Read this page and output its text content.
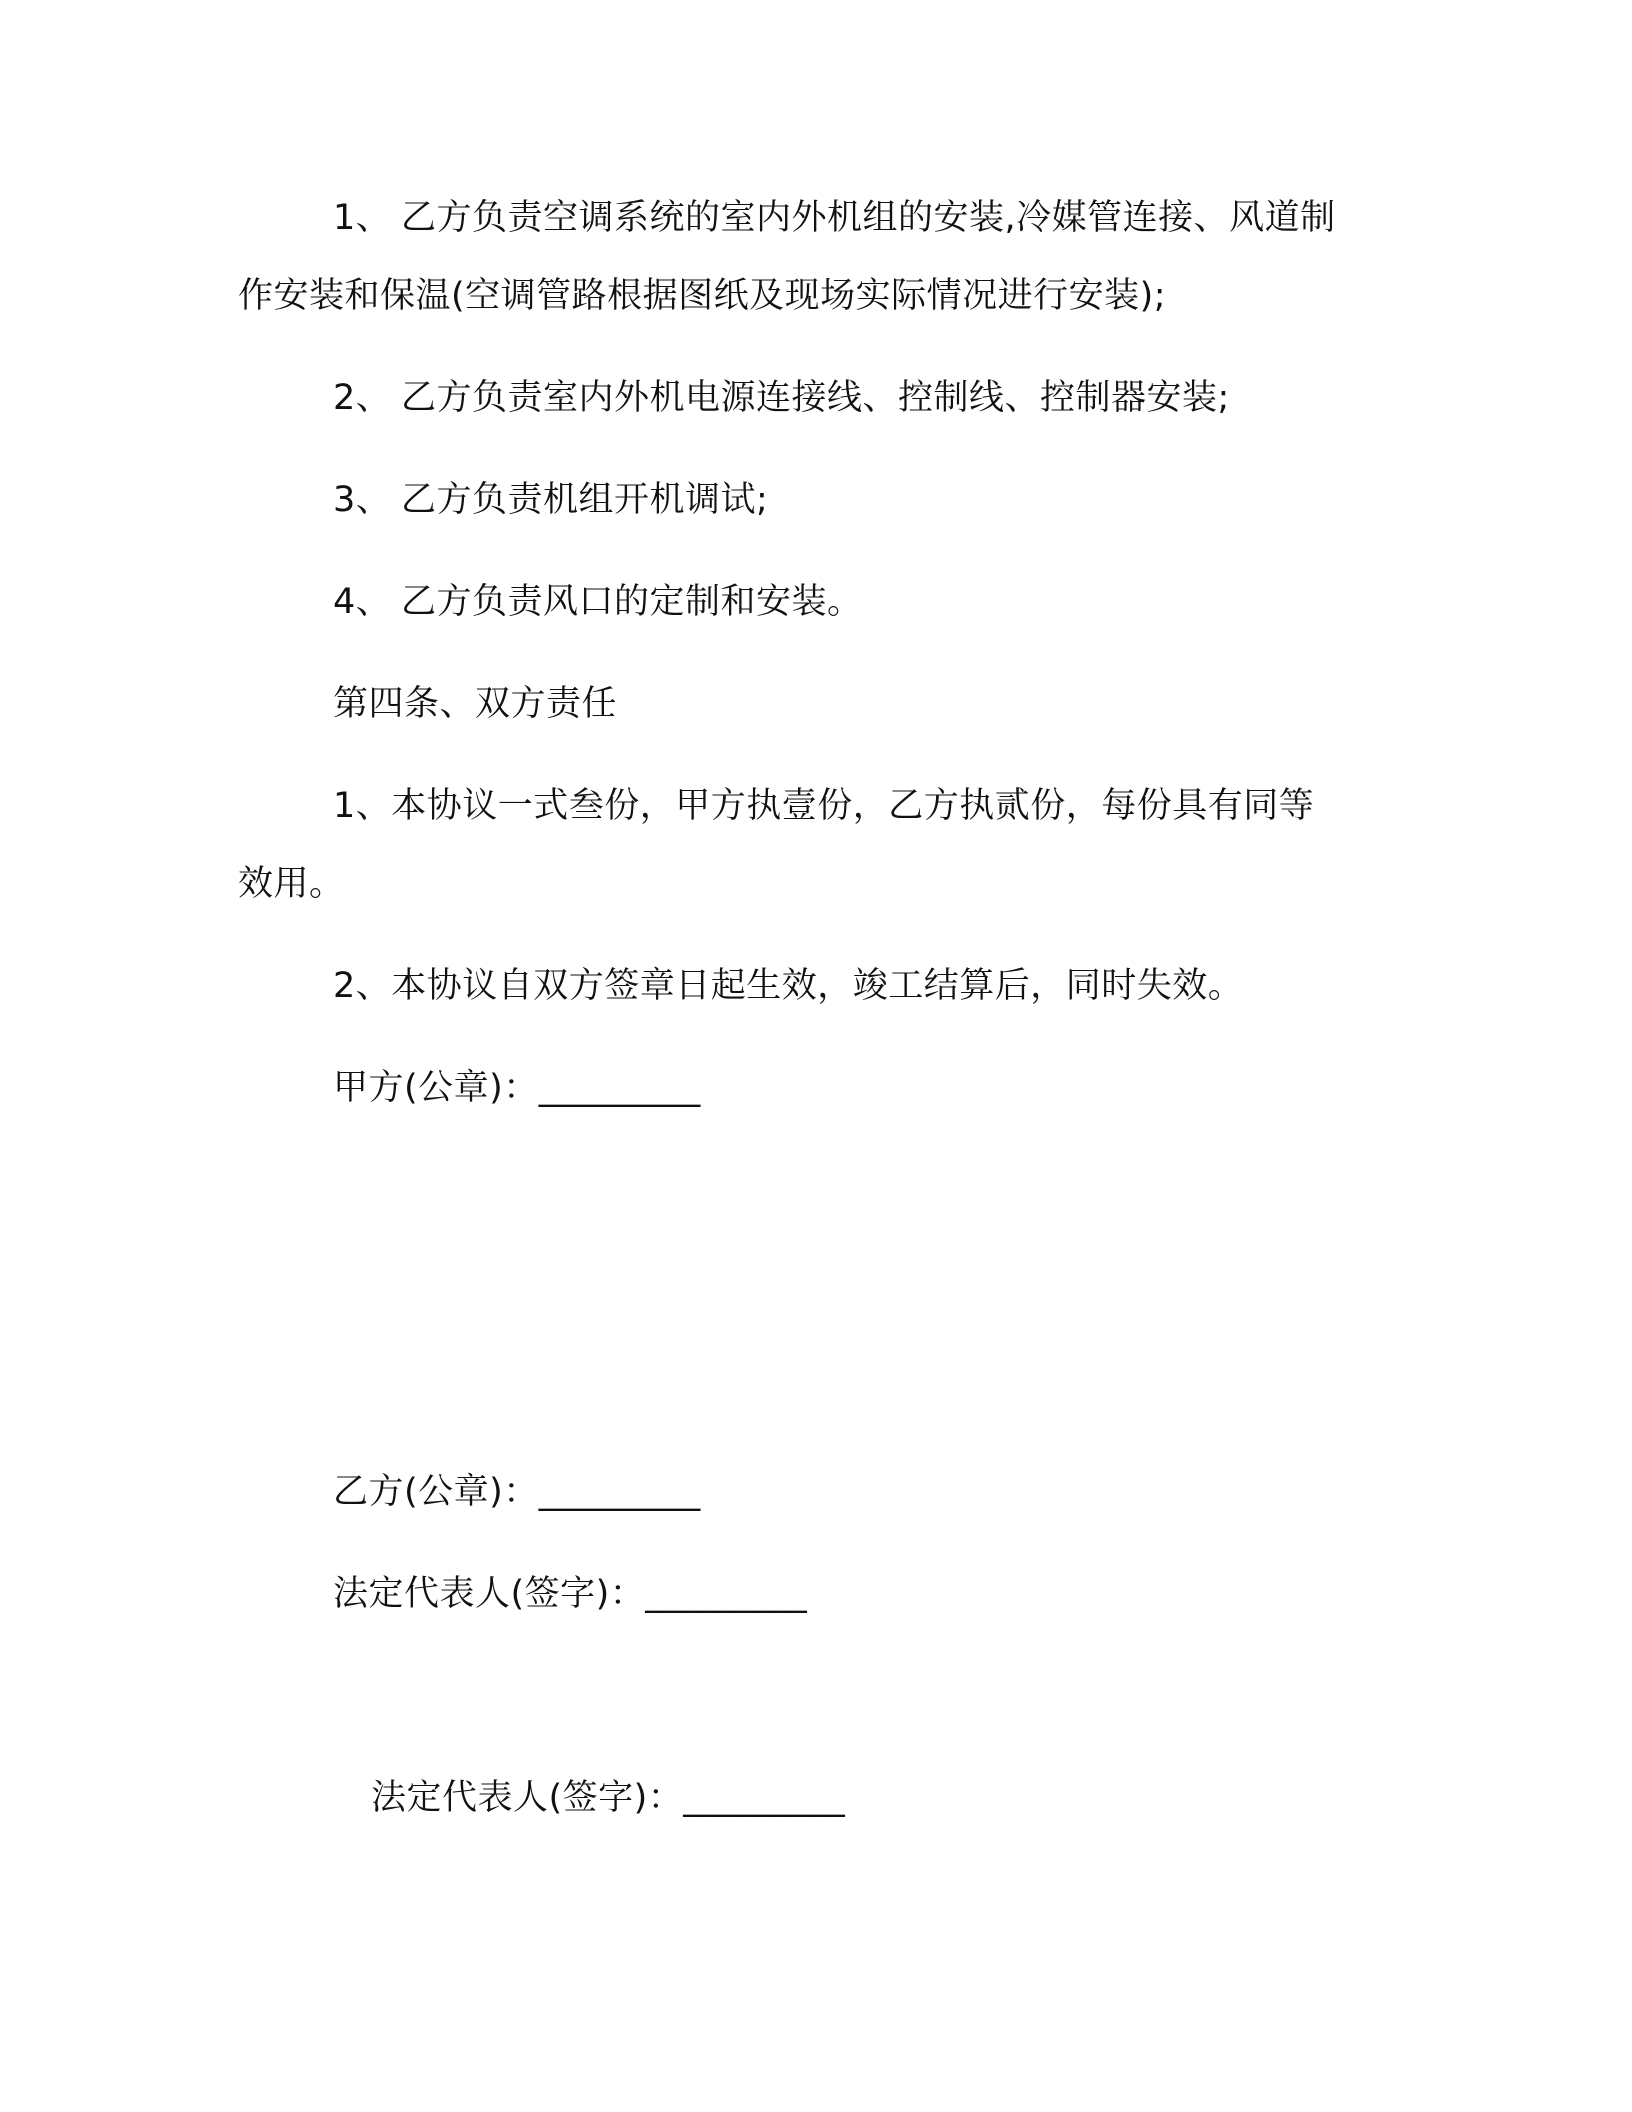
1、 乙方负责空调系统的室内外机组的安装,冷媒管连接、风道制
作安装和保温(空调管路根据图纸及现场实际情况进行安装);
2、 乙方负责室内外机电源连接线、控制线、控制器安装;
3、 乙方负责机组开机调试;
4、 乙方负责风口的定制和安装。
第四条、双方责任
1、本协议一式叁份，甲方执壹份，乙方执贰份，每份具有同等
效用。
2、本协议自双方签章日起生效，竣工结算后，同时失效。
甲方(公章)：_________
乙方(公章)：_________
法定代表人(签字)：_________
法定代表人(签字)：_________
